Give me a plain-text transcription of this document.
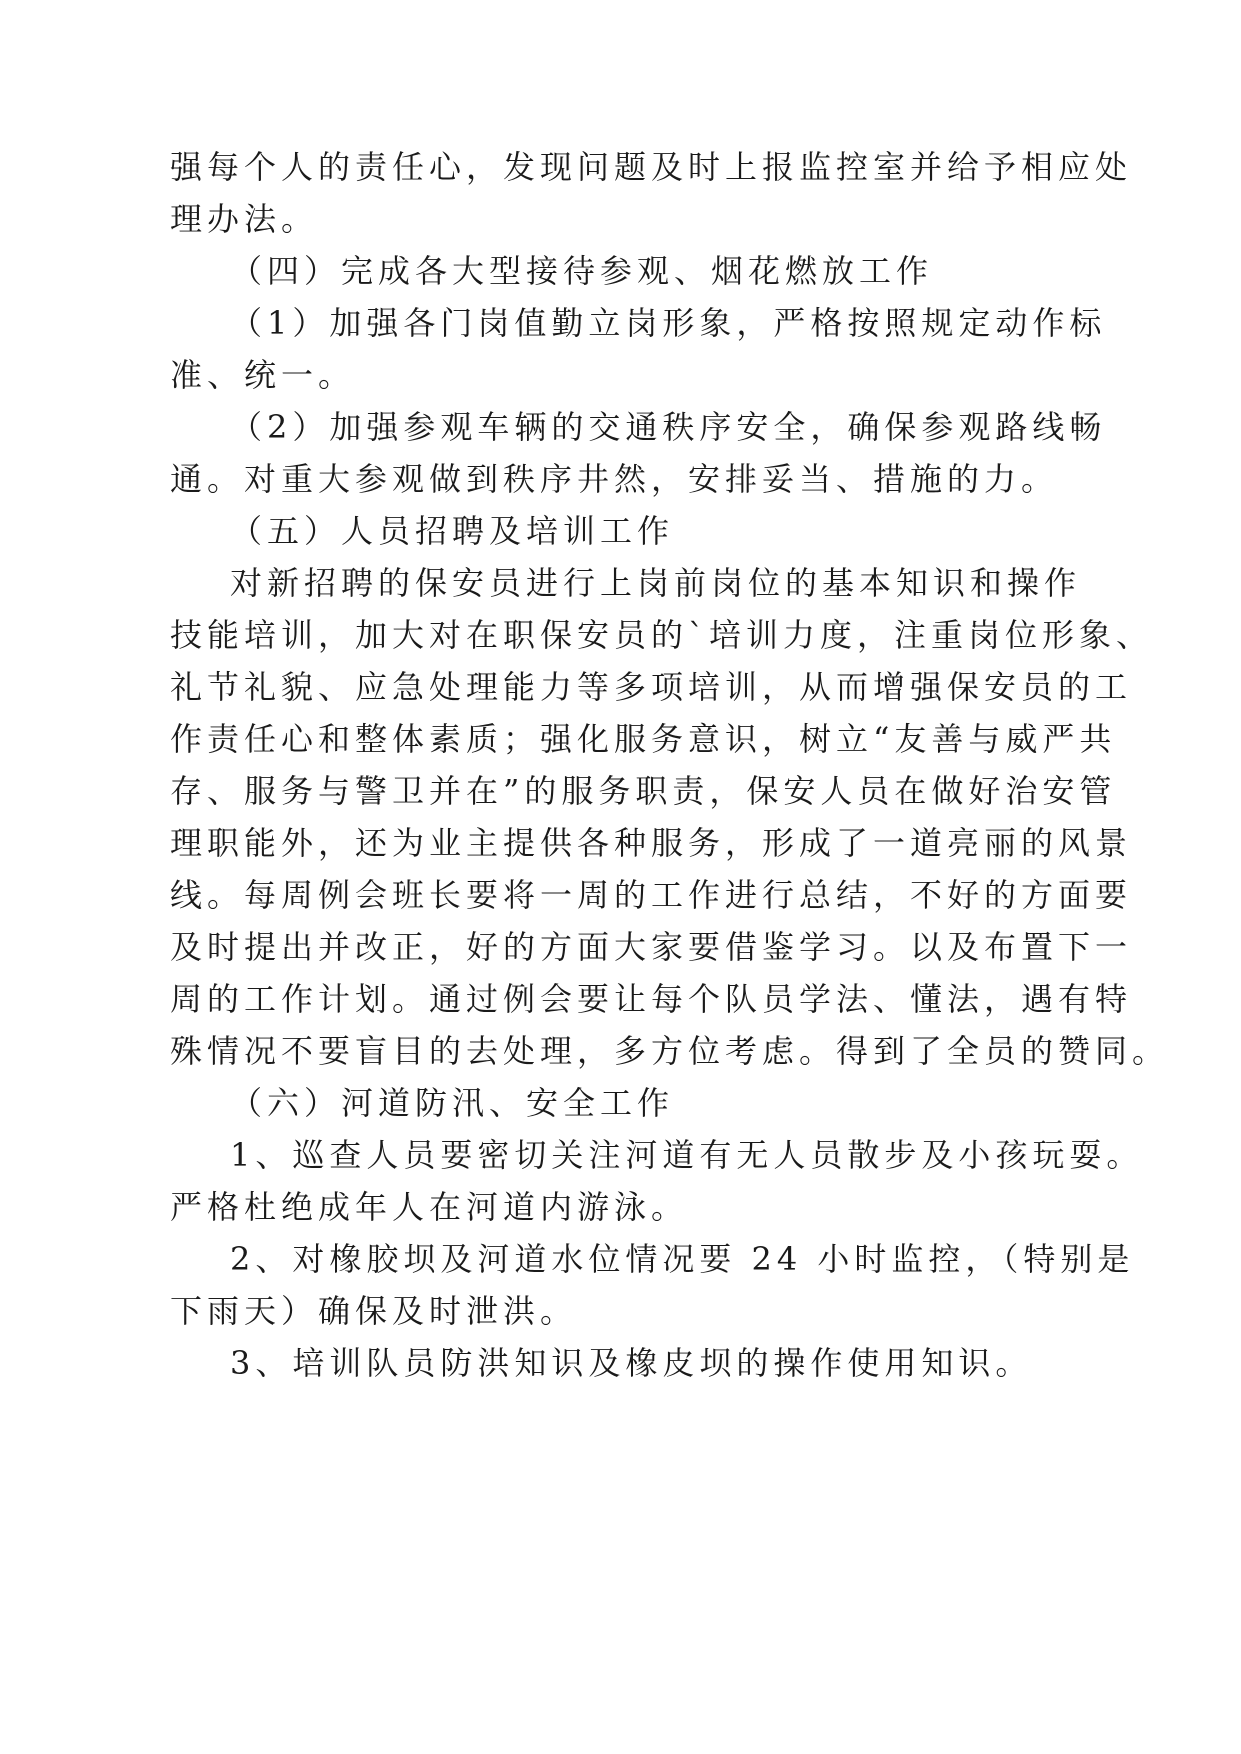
强每个人的责任心，发现问题及时上报监控室并给予相应处

理办法。

（四）完成各大型接待参观、烟花燃放工作

（1）加强各门岗值勤立岗形象，严格按照规定动作标

准、统一。

（2）加强参观车辆的交通秩序安全，确保参观路线畅

通。对重大参观做到秩序井然，安排妥当、措施的力。

（五）人员招聘及培训工作

对新招聘的保安员进行上岗前岗位的基本知识和操作

技能培训，加大对在职保安员的`培训力度，注重岗位形象、

礼节礼貌、应急处理能力等多项培训，从而增强保安员的工

作责任心和整体素质；强化服务意识，树立“友善与威严共

存、服务与警卫并在”的服务职责，保安人员在做好治安管

理职能外，还为业主提供各种服务，形成了一道亮丽的风景

线。每周例会班长要将一周的工作进行总结，不好的方面要

及时提出并改正，好的方面大家要借鉴学习。以及布置下一

周的工作计划。通过例会要让每个队员学法、懂法，遇有特

殊情况不要盲目的去处理，多方位考虑。得到了全员的赞同。

（六）河道防汛、安全工作

1、巡查人员要密切关注河道有无人员散步及小孩玩耍。

严格杜绝成年人在河道内游泳。

2、对橡胶坝及河道水位情况要 24 小时监控，（特别是

下雨天）确保及时泄洪。

3、培训队员防洪知识及橡皮坝的操作使用知识。
